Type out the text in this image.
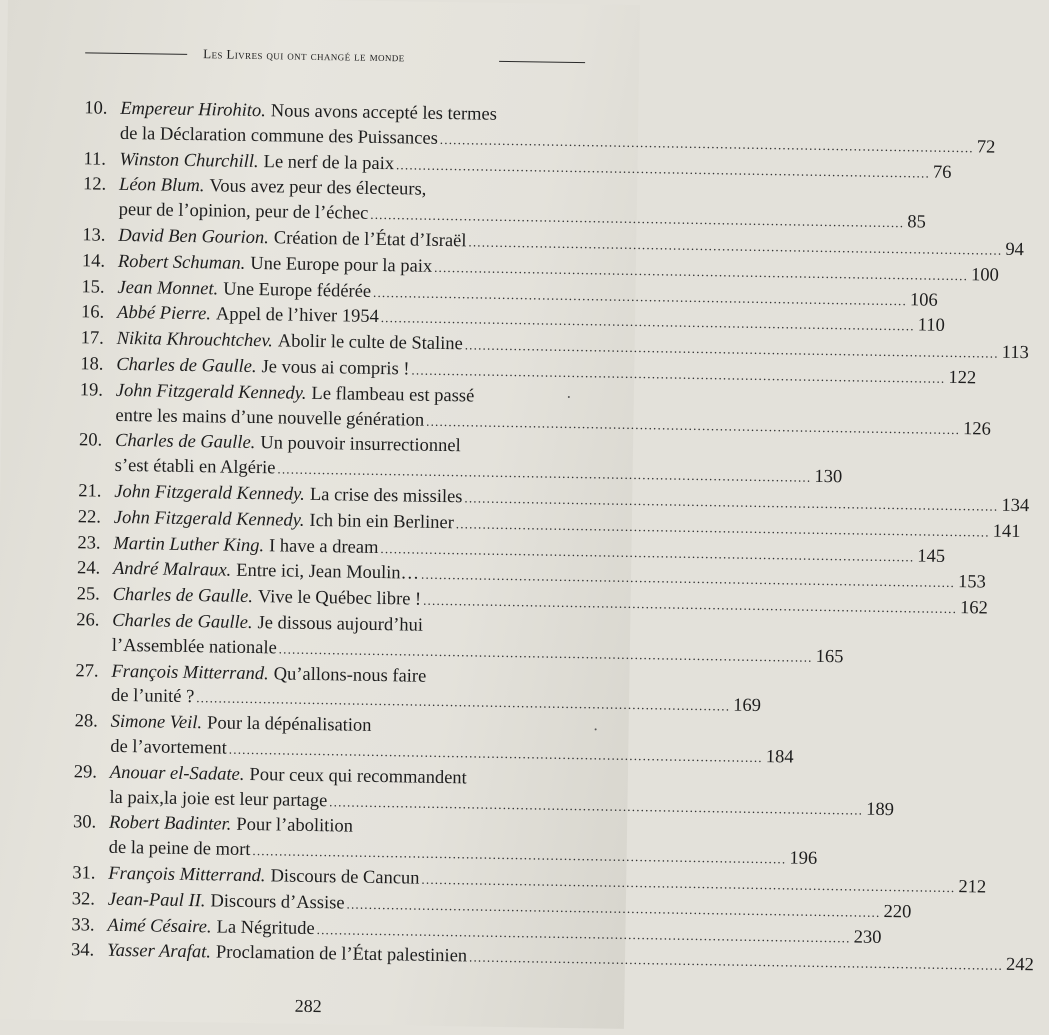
Les Livres qui ont changé le monde
10. Empereur Hirohito. Nous avons accepté les termes
de la Déclaration commune des Puissances ........................................................................................................................ 72
11. Winston Churchill. Le nerf de la paix ........................................................................................................................ 76
12. Léon Blum. Vous avez peur des électeurs,
peur de l’opinion, peur de l’échec ........................................................................................................................ 85
13. David Ben Gourion. Création de l’État d’Israël ........................................................................................................................ 94
14. Robert Schuman. Une Europe pour la paix ........................................................................................................................ 100
15. Jean Monnet. Une Europe fédérée ........................................................................................................................ 106
16. Abbé Pierre. Appel de l’hiver 1954 ........................................................................................................................ 110
17. Nikita Khrouchtchev. Abolir le culte de Staline ........................................................................................................................ 113
18. Charles de Gaulle. Je vous ai compris ! ........................................................................................................................ 122
19. John Fitzgerald Kennedy. Le flambeau est passé
entre les mains d’une nouvelle génération ........................................................................................................................ 126
20. Charles de Gaulle. Un pouvoir insurrectionnel
s’est établi en Algérie ........................................................................................................................ 130
21. John Fitzgerald Kennedy. La crise des missiles ........................................................................................................................ 134
22. John Fitzgerald Kennedy. Ich bin ein Berliner ........................................................................................................................ 141
23. Martin Luther King. I have a dream ........................................................................................................................ 145
24. André Malraux. Entre ici, Jean Moulin… ........................................................................................................................ 153
25. Charles de Gaulle. Vive le Québec libre ! ........................................................................................................................ 162
26. Charles de Gaulle. Je dissous aujourd’hui
l’Assemblée nationale ........................................................................................................................ 165
27. François Mitterrand. Qu’allons-nous faire
de l’unité ? ........................................................................................................................ 169
28. Simone Veil. Pour la dépénalisation
de l’avortement ........................................................................................................................ 184
29. Anouar el-Sadate. Pour ceux qui recommandent
la paix,la joie est leur partage ........................................................................................................................ 189
30. Robert Badinter. Pour l’abolition
de la peine de mort ........................................................................................................................ 196
31. François Mitterrand. Discours de Cancun ........................................................................................................................ 212
32. Jean-Paul II. Discours d’Assise ........................................................................................................................ 220
33. Aimé Césaire. La Négritude ........................................................................................................................ 230
34. Yasser Arafat. Proclamation de l’État palestinien ........................................................................................................................ 242
282
